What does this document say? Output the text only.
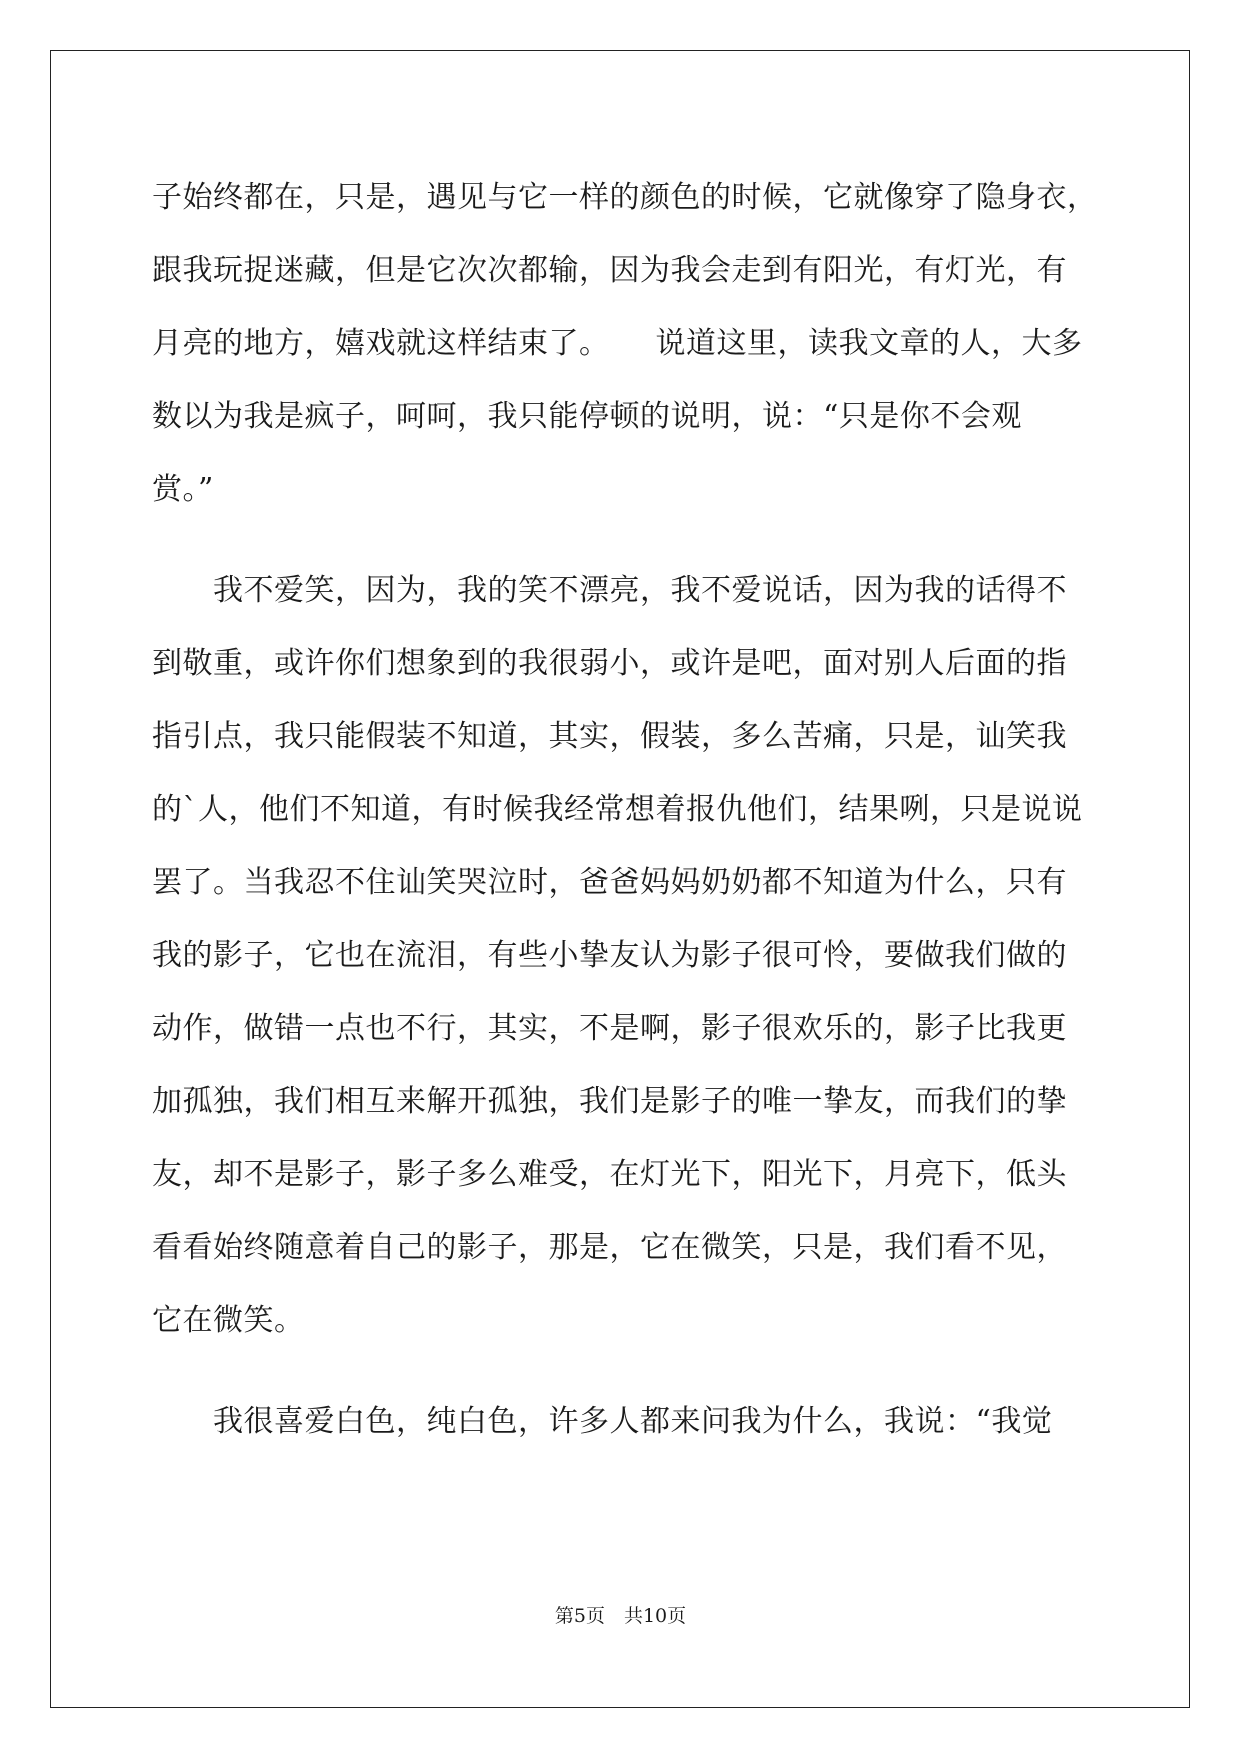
子始终都在，只是，遇见与它一样的颜色的时候，它就像穿了隐身衣，
跟我玩捉迷藏，但是它次次都输，因为我会走到有阳光，有灯光，有
月亮的地方，嬉戏就这样结束了。　　说道这里，读我文章的人，大多
数以为我是疯子，呵呵，我只能停顿的说明，说：“只是你不会观
赏。”
　　我不爱笑，因为，我的笑不漂亮，我不爱说话，因为我的话得不
到敬重，或许你们想象到的我很弱小，或许是吧，面对别人后面的指
指引点，我只能假装不知道，其实，假装，多么苦痛，只是，讪笑我
的`人，他们不知道，有时候我经常想着报仇他们，结果咧，只是说说
罢了。当我忍不住讪笑哭泣时，爸爸妈妈奶奶都不知道为什么，只有
我的影子，它也在流泪，有些小挚友认为影子很可怜，要做我们做的
动作，做错一点也不行，其实，不是啊，影子很欢乐的，影子比我更
加孤独，我们相互来解开孤独，我们是影子的唯一挚友，而我们的挚
友，却不是影子，影子多么难受，在灯光下，阳光下，月亮下，低头
看看始终随意着自己的影子，那是，它在微笑，只是，我们看不见，
它在微笑。
　　我很喜爱白色，纯白色，许多人都来问我为什么，我说：“我觉
第5页　共10页
